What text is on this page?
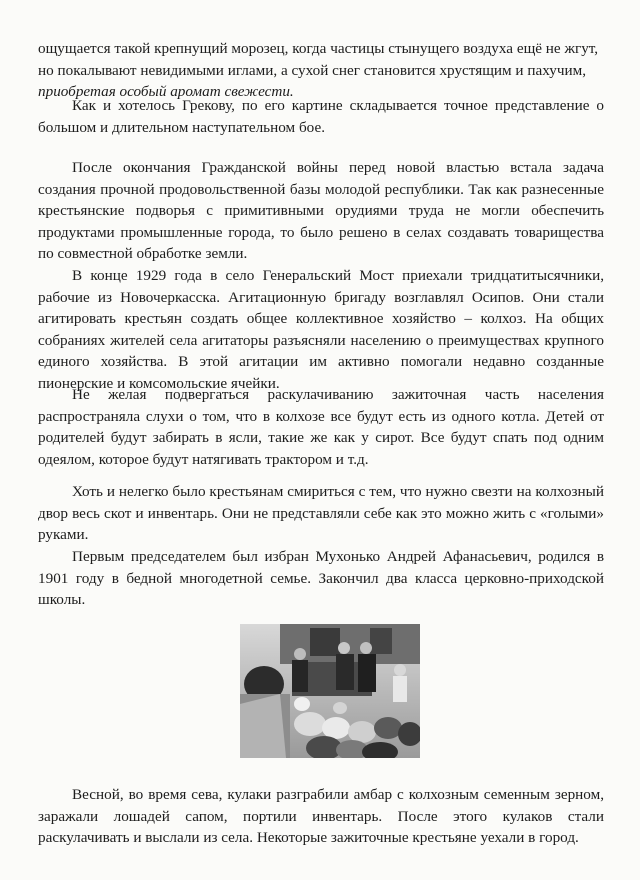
ощущается такой крепнущий морозец, когда частицы стынущего воздуха ещё не жгут,
но покалывают невидимыми иглами, а сухой снег становится хрустящим и пахучим,
приобретая особый аромат свежести.

Как и хотелось Грекову, по его картине складывается точное представление о большом и длительном наступательном бое.

После окончания Гражданской войны перед новой властью встала задача создания прочной продовольственной базы молодой республики. Так как разнесенные крестьянские подворья с примитивными орудиями труда не могли обеспечить продуктами промышленные города, то было решено в селах создавать товарищества по совместной обработке земли.

В конце 1929 года в село Генеральский Мост приехали тридцатитысячники, рабочие из Новочеркасска. Агитационную бригаду возглавлял Осипов. Они стали агитировать крестьян создать общее коллективное хозяйство – колхоз. На общих собраниях жителей села агитаторы разъясняли населению о преимуществах крупного единого хозяйства. В этой агитации им активно помогали недавно созданные пионерские и комсомольские ячейки.

Не желая подвергаться раскулачиванию зажиточная часть населения распространяла слухи о том, что в колхозе все будут есть из одного котла. Детей от родителей будут забирать в ясли, такие же как у сирот. Все будут спать под одним одеялом, которое будут натягивать трактором и т.д.

Хоть и нелегко было крестьянам смириться с тем, что нужно свезти на колхозный двор весь скот и инвентарь. Они не представляли себе как это можно жить с «голыми» руками.

Первым председателем был избран Мухонько Андрей Афанасьевич, родился в 1901 году в бедной многодетной семье. Закончил два класса церковно-приходской школы.

Весной, во время сева, кулаки разграбили амбар с колхозным семенным зерном, заражали лошадей сапом, портили инвентарь. После этого кулаков стали раскулачивать и выслали из села. Некоторые зажиточные крестьяне уехали в город.
